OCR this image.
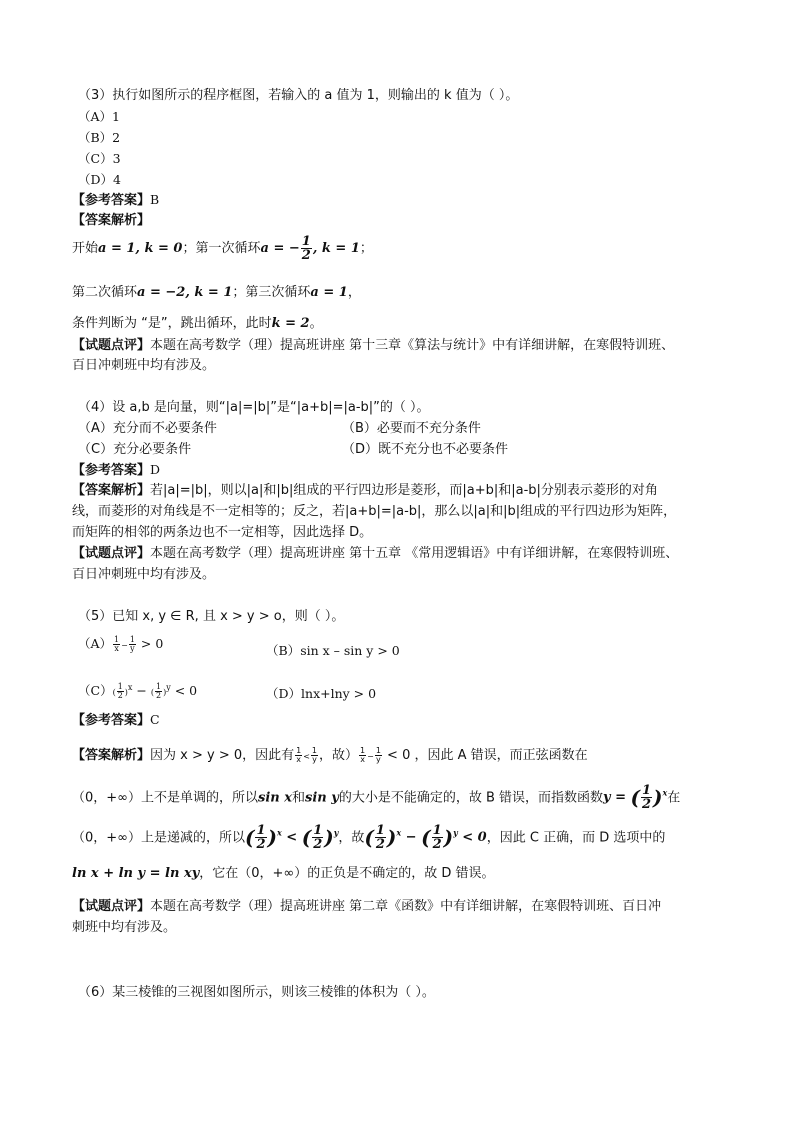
（3）执行如图所示的程序框图，若输入的 a 值为 1，则输出的 k 值为（ ）。
（A）1
（B）2
（C）3
（D）4
【参考答案】B
【答案解析】
开始a = 1, k = 0；第一次循环a = − $\frac{1}{2}$ , k = 1；
第二次循环a = −2, k = 1；第三次循环a = 1，
条件判断为 “是”，跳出循环，此时k = 2。
【试题点评】本题在高考数学（理）提高班讲座 第十三章《算法与统计》中有详细讲解，在寒假特训班、
百日冲刺班中均有涉及。
（4）设 a,b 是向量，则“|a|=|b|”是“|a+b|=|a-b|”的（ ）。
（A）充分而不必要条件	（B）必要而不充分条件
（C）充分必要条件	（D）既不充分也不必要条件
【参考答案】D
【答案解析】若|a|=|b|，则以|a|和|b|组成的平行四边形是菱形，而|a+b|和|a-b|分别表示菱形的对角
线，而菱形的对角线是不一定相等的；反之，若|a+b|=|a-b|，那么以|a|和|b|组成的平行四边形为矩阵，
而矩阵的相邻的两条边也不一定相等，因此选择 D。
【试题点评】本题在高考数学（理）提高班讲座 第十五章 《常用逻辑语》中有详细讲解，在寒假特训班、
百日冲刺班中均有涉及。
（5）已知 x, y ∈ R, 且 x > y > o，则（ ）。
$(A) \frac{1}{x} - \frac{1}{y} > 0$	（B）sin x – sin y > 0
$(C)( \frac{1}{2} )^x$ − ( $\frac{1}{2} )^y < 0$	（D）lnx+lny > 0
【参考答案】C
【答案解析】因为 x > y > 0，因此有 $\frac{1}{x} < \frac{1}{y}$ ，故） $\frac{1}{x} - \frac{1}{y} < 0$ ，因此 A 错误，而正弦函数在
（0，+∞）上不是单调的，所以sin x和sin y的大小是不能确定的，故 B 错误，而指数函数y = ( $\frac{1}{2} )^x$在
（0，+∞）上是递减的，所以( $\frac{1}{2} )^x$ < ( $\frac{1}{2} )^y$，故( $\frac{1}{2} )^x$ − ( $\frac{1}{2} )^y < 0$，因此 C 正确，而 D 选项中的
ln x + ln y = ln xy，它在（0，+∞）的正负是不确定的，故 D 错误。
【试题点评】本题在高考数学（理）提高班讲座 第二章《函数》中有详细讲解，在寒假特训班、百日冲
刺班中均有涉及。
（6）某三棱锥的三视图如图所示，则该三棱锥的体积为（ ）。
